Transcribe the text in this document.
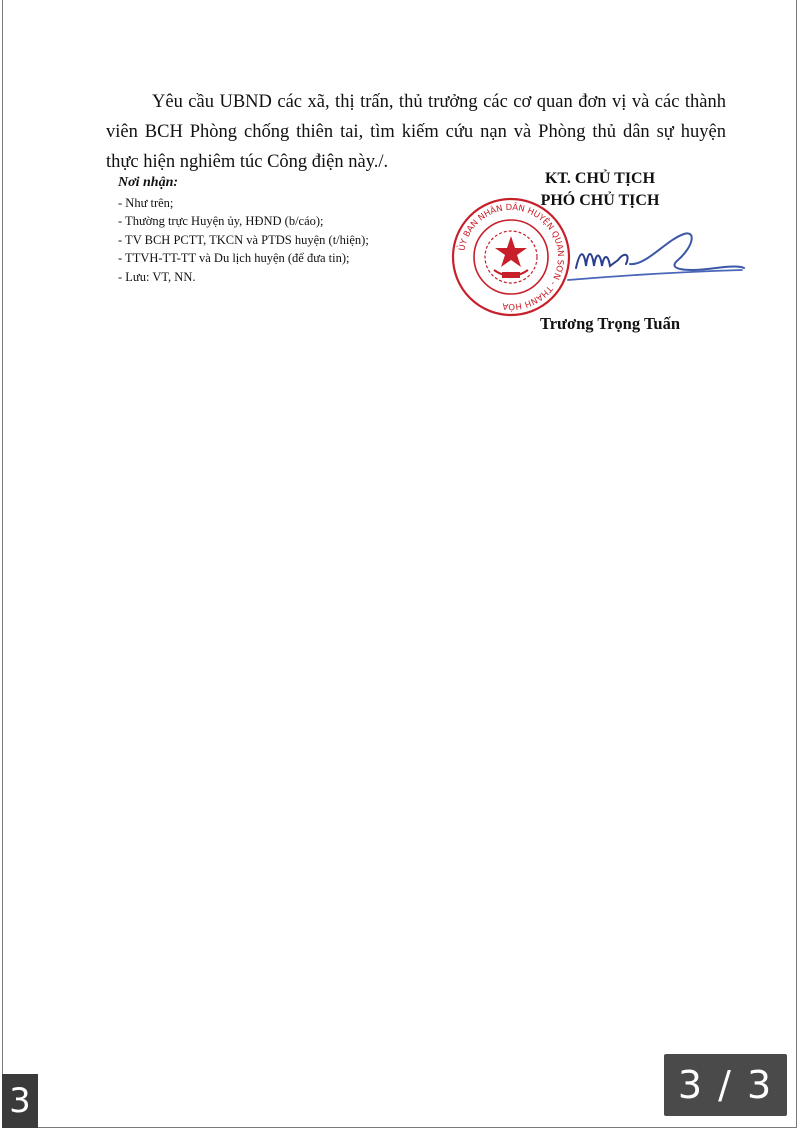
Yêu cầu UBND các xã, thị trấn, thủ trưởng các cơ quan đơn vị và các thành viên BCH Phòng chống thiên tai, tìm kiếm cứu nạn và Phòng thủ dân sự huyện thực hiện nghiêm túc Công điện này./.

Nơi nhận:
- Như trên;
- Thường trực Huyện ủy, HĐND (b/cáo);
- TV BCH PCTT, TKCN và PTDS huyện (t/hiện);
- TTVH-TT-TT và Du lịch huyện (để đưa tin);
- Lưu: VT, NN.
KT. CHỦ TỊCH
PHÓ CHỦ TỊCH
ỦY BAN NHÂN DÂN HUYỆN QUAN SƠN - THANH HÓA
Trương Trọng Tuấn
3	3 / 3
